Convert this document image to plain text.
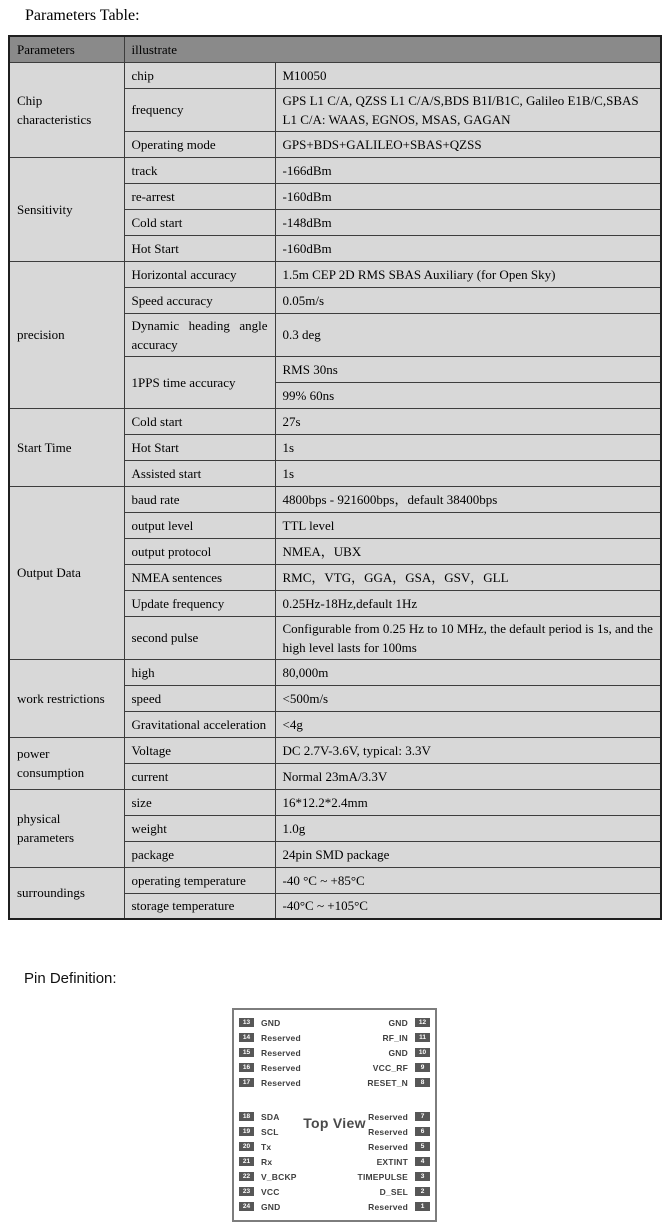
Parameters Table:
Parameters	illustrate	
Chip characteristics	chip	M10050
	frequency	GPS L1 C/A, QZSS L1 C/A/S,BDS B1I/B1C, Galileo E1B/C,SBAS L1 C/A: WAAS, EGNOS, MSAS, GAGAN
	Operating mode	GPS+BDS+GALILEO+SBAS+QZSS
Sensitivity	track	-166dBm
	re-arrest	-160dBm
	Cold start	-148dBm
	Hot Start	-160dBm
precision	Horizontal accuracy	1.5m CEP 2D RMS SBAS Auxiliary (for Open Sky)
	Speed accuracy	0.05m/s
	Dynamic heading angle accuracy	0.3 deg
	1PPS time accuracy	RMS 30ns
		99% 60ns
Start Time	Cold start	27s
	Hot Start	1s
	Assisted start	1s
Output Data	baud rate	4800bps - 921600bps，default 38400bps
	output level	TTL level
	output protocol	NMEA，UBX
	NMEA sentences	RMC，VTG，GGA，GSA，GSV，GLL
	Update frequency	0.25Hz-18Hz,default 1Hz
	second pulse	Configurable from 0.25 Hz to 10 MHz, the default period is 1s, and the high level lasts for 100ms
work restrictions	high	80,000m
	speed	<500m/s
	Gravitational acceleration	<4g
power consumption	Voltage	DC 2.7V-3.6V, typical: 3.3V
	current	Normal 23mA/3.3V
physical parameters	size	16*12.2*2.4mm
	weight	1.0g
	package	24pin SMD package
surroundings	operating temperature	-40 °C ~ +85°C
	storage temperature	-40°C ~ +105°C
Pin Definition:
13	GND
14	Reserved
15	Reserved
16	Reserved
17	Reserved
18	SDA
19	SCL
20	Tx
21	Rx
22	V_BCKP
23	VCC
24	GND
GND	12
RF_IN	11
GND	10
VCC_RF	9
RESET_N	8
Reserved	7
Reserved	6
Reserved	5
EXTINT	4
TIMEPULSE	3
D_SEL	2
Reserved	1
Top View
